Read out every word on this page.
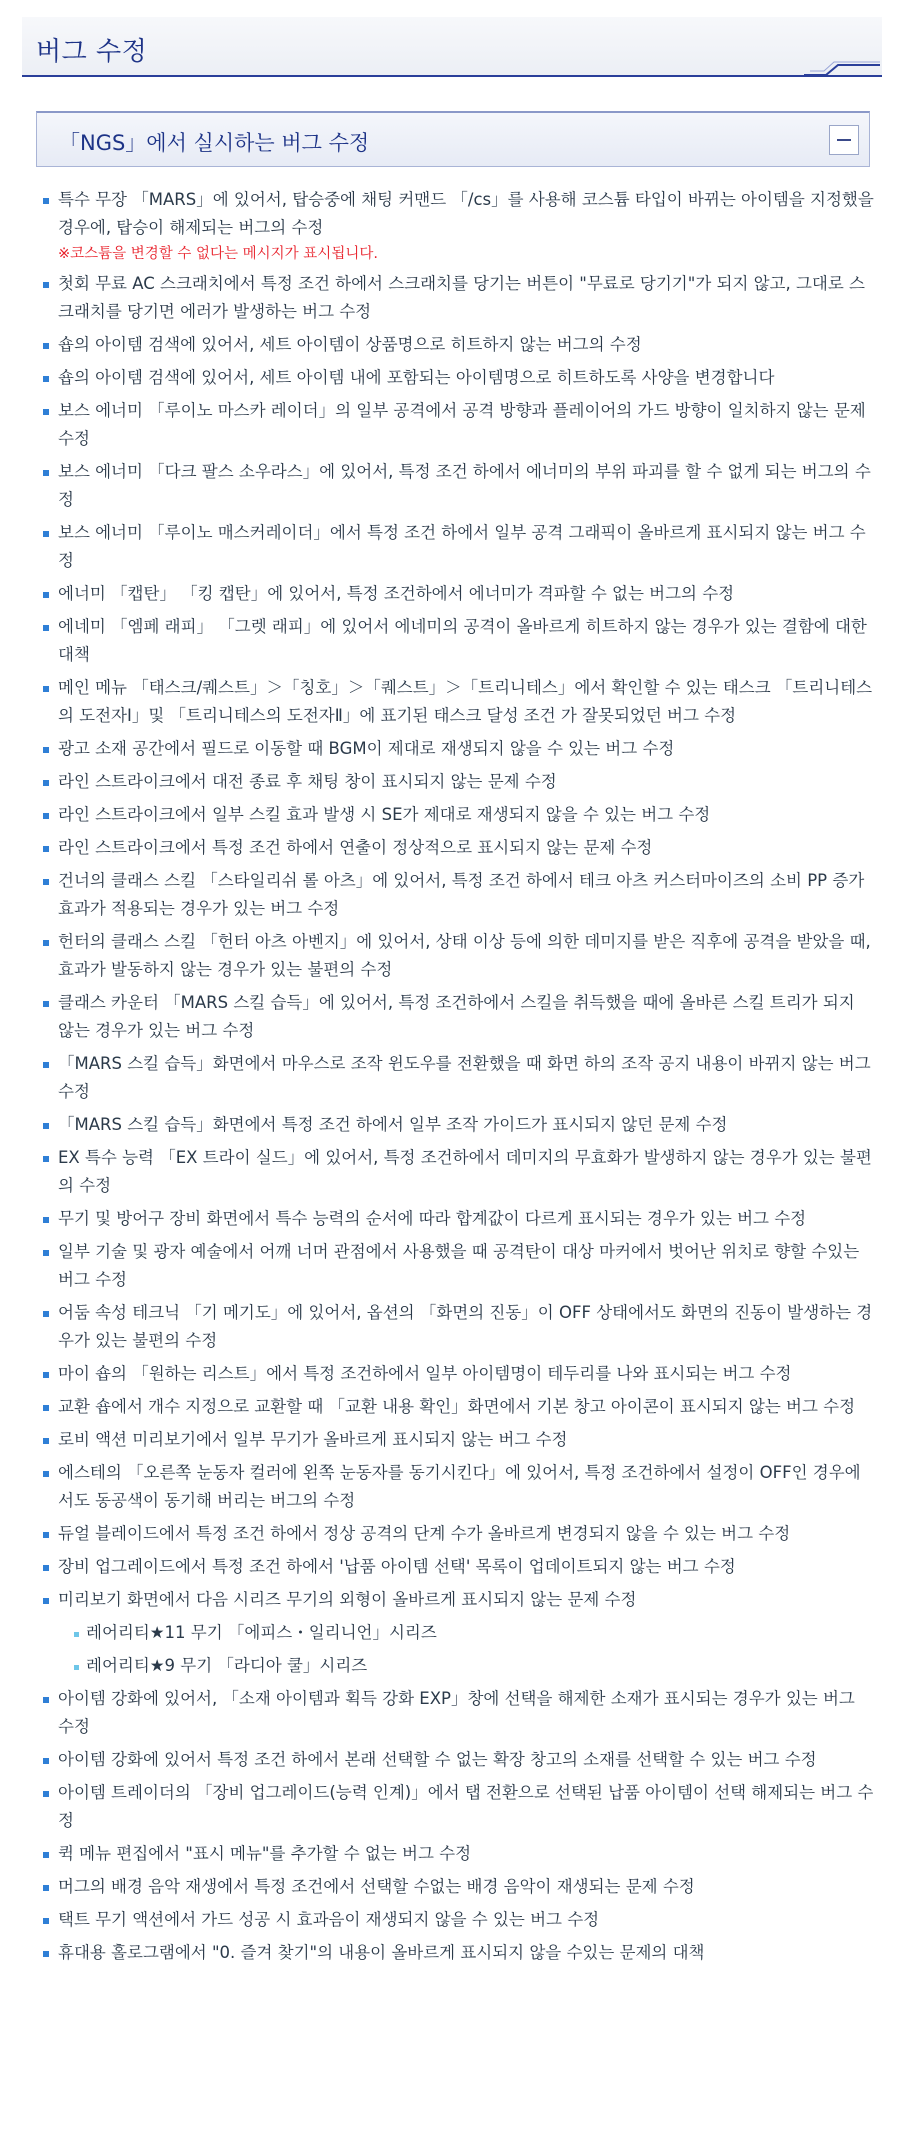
버그 수정
「NGS」에서 실시하는 버그 수정
특수 무장 「MARS」에 있어서, 탑승중에 채팅 커맨드 「/cs」를 사용해 코스튬 타입이 바뀌는 아이템을 지정했을 경우에, 탑승이 해제되는 버그의 수정
※코스튬을 변경할 수 없다는 메시지가 표시됩니다.
첫회 무료 AC 스크래치에서 특정 조건 하에서 스크래치를 당기는 버튼이 "무료로 당기기"가 되지 않고, 그대로 스크래치를 당기면 에러가 발생하는 버그 수정
숍의 아이템 검색에 있어서, 세트 아이템이 상품명으로 히트하지 않는 버그의 수정
숍의 아이템 검색에 있어서, 세트 아이템 내에 포함되는 아이템명으로 히트하도록 사양을 변경합니다
보스 에너미 「루이노 마스카 레이더」의 일부 공격에서 공격 방향과 플레이어의 가드 방향이 일치하지 않는 문제 수정
보스 에너미 「다크 팔스 소우라스」에 있어서, 특정 조건 하에서 에너미의 부위 파괴를 할 수 없게 되는 버그의 수정
보스 에너미 「루이노 매스커레이더」에서 특정 조건 하에서 일부 공격 그래픽이 올바르게 표시되지 않는 버그 수정
에너미 「캡탄」 「킹 캡탄」에 있어서, 특정 조건하에서 에너미가 격파할 수 없는 버그의 수정
에네미 「엠페 래피」 「그렛 래피」에 있어서 에네미의 공격이 올바르게 히트하지 않는 경우가 있는 결함에 대한 대책
메인 메뉴 「태스크/퀘스트」＞「칭호」＞「퀘스트」＞「트리니테스」에서 확인할 수 있는 태스크 「트리니테스의 도전자Ⅰ」및 「트리니테스의 도전자Ⅱ」에 표기된 태스크 달성 조건 가 잘못되었던 버그 수정
광고 소재 공간에서 필드로 이동할 때 BGM이 제대로 재생되지 않을 수 있는 버그 수정
라인 스트라이크에서 대전 종료 후 채팅 창이 표시되지 않는 문제 수정
라인 스트라이크에서 일부 스킬 효과 발생 시 SE가 제대로 재생되지 않을 수 있는 버그 수정
라인 스트라이크에서 특정 조건 하에서 연출이 정상적으로 표시되지 않는 문제 수정
건너의 클래스 스킬 「스타일리쉬 롤 아츠」에 있어서, 특정 조건 하에서 테크 아츠 커스터마이즈의 소비 PP 증가 효과가 적용되는 경우가 있는 버그 수정
헌터의 클래스 스킬 「헌터 아츠 아벤지」에 있어서, 상태 이상 등에 의한 데미지를 받은 직후에 공격을 받았을 때, 효과가 발동하지 않는 경우가 있는 불편의 수정
클래스 카운터 「MARS 스킬 습득」에 있어서, 특정 조건하에서 스킬을 취득했을 때에 올바른 스킬 트리가 되지 않는 경우가 있는 버그 수정
「MARS 스킬 습득」화면에서 마우스로 조작 윈도우를 전환했을 때 화면 하의 조작 공지 내용이 바뀌지 않는 버그 수정
「MARS 스킬 습득」화면에서 특정 조건 하에서 일부 조작 가이드가 표시되지 않던 문제 수정
EX 특수 능력 「EX 트라이 실드」에 있어서, 특정 조건하에서 데미지의 무효화가 발생하지 않는 경우가 있는 불편의 수정
무기 및 방어구 장비 화면에서 특수 능력의 순서에 따라 합계값이 다르게 표시되는 경우가 있는 버그 수정
일부 기술 및 광자 예술에서 어깨 너머 관점에서 사용했을 때 공격탄이 대상 마커에서 벗어난 위치로 향할 수있는 버그 수정
어둠 속성 테크닉 「기 메기도」에 있어서, 옵션의 「화면의 진동」이 OFF 상태에서도 화면의 진동이 발생하는 경우가 있는 불편의 수정
마이 숍의 「원하는 리스트」에서 특정 조건하에서 일부 아이템명이 테두리를 나와 표시되는 버그 수정
교환 숍에서 개수 지정으로 교환할 때 「교환 내용 확인」화면에서 기본 창고 아이콘이 표시되지 않는 버그 수정
로비 액션 미리보기에서 일부 무기가 올바르게 표시되지 않는 버그 수정
에스테의 「오른쪽 눈동자 컬러에 왼쪽 눈동자를 동기시킨다」에 있어서, 특정 조건하에서 설정이 OFF인 경우에서도 동공색이 동기해 버리는 버그의 수정
듀얼 블레이드에서 특정 조건 하에서 정상 공격의 단계 수가 올바르게 변경되지 않을 수 있는 버그 수정
장비 업그레이드에서 특정 조건 하에서 '납품 아이템 선택' 목록이 업데이트되지 않는 버그 수정
미리보기 화면에서 다음 시리즈 무기의 외형이 올바르게 표시되지 않는 문제 수정
레어리티★11 무기 「에피스・일리니언」시리즈
레어리티★9 무기 「라디아 쿨」시리즈
아이템 강화에 있어서, 「소재 아이템과 획득 강화 EXP」창에 선택을 해제한 소재가 표시되는 경우가 있는 버그 수정
아이템 강화에 있어서 특정 조건 하에서 본래 선택할 수 없는 확장 창고의 소재를 선택할 수 있는 버그 수정
아이템 트레이더의 「장비 업그레이드(능력 인계)」에서 탭 전환으로 선택된 납품 아이템이 선택 해제되는 버그 수정
퀵 메뉴 편집에서 "표시 메뉴"를 추가할 수 없는 버그 수정
머그의 배경 음악 재생에서 특정 조건에서 선택할 수없는 배경 음악이 재생되는 문제 수정
택트 무기 액션에서 가드 성공 시 효과음이 재생되지 않을 수 있는 버그 수정
휴대용 홀로그램에서 "0. 즐겨 찾기"의 내용이 올바르게 표시되지 않을 수있는 문제의 대책
